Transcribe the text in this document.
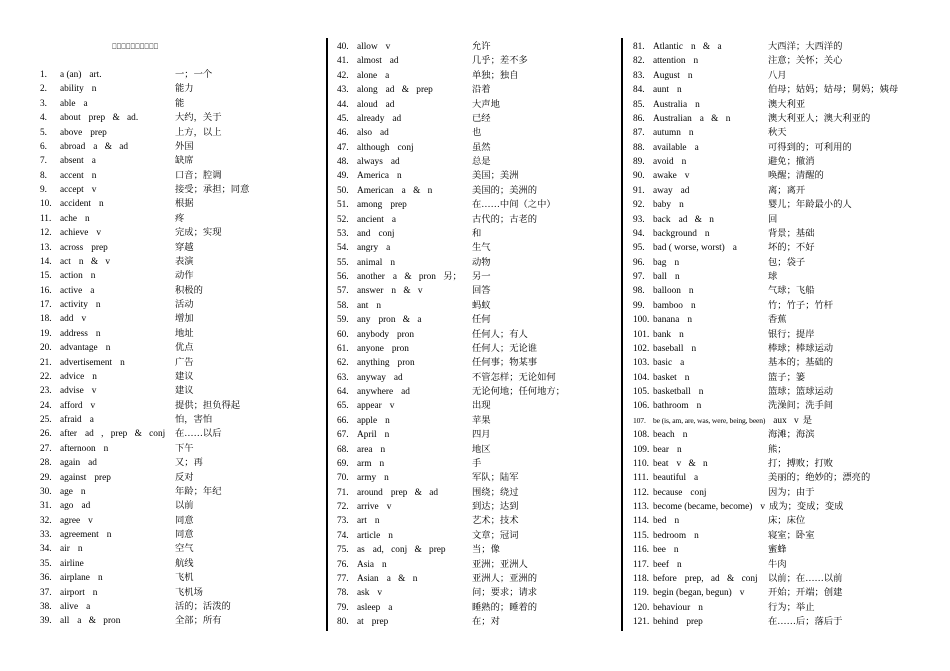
□□□□□□□□□□
1. a (an) art.	一；一个
2. ability n	能力
3. able a	能
4. about prep & ad.	大约，关于
5. above prep	上方，以上
6. abroad a & ad	外国
7. absent a	缺席
8. accent n	口音；腔调
9. accept v	接受；承担；同意
10. accident n	根据
11. ache n	疼
12. achieve v	完成；实现
13. across prep	穿越
14. act n & v	表演
15. action n	动作
16. active a	积极的
17. activity n	活动
18. add v	增加
19. address n	地址
20. advantage n	优点
21. advertisement n	广告
22. advice n	建议
23. advise v	建议
24. afford v	提供；担负得起
25. afraid a	怕，害怕
26. after ad , prep & conj	在……以后
27. afternoon n	下午
28. again ad	又；再
29. against prep	反对
30. age n	年龄；年纪
31. ago ad	以前
32. agree v	同意
33. agreement n	同意
34. air n	空气
35. airline	航线
36. airplane n	飞机
37. airport n	飞机场
38. alive a	活的；活泼的
39. all a & pron	全部；所有
40. allow v	允许
41. almost ad	几乎；差不多
42. alone a	单独；独自
43. along ad & prep	沿着
44. aloud ad	大声地
45. already ad	已经
46. also ad	也
47. although conj	虽然
48. always ad	总是
49. America n	美国；美洲
50. American a & n	美国的；美洲的
51. among prep	在……中间（之中）
52. ancient a	古代的；古老的
53. and conj	和
54. angry a	生气
55. animal n	动物
56. another a & pron 另；	另一
57. answer n & v	回答
58. ant n	蚂蚁
59. any pron & a	任何
60. anybody pron	任何人；有人
61. anyone pron	任何人；无论谁
62. anything pron	任何事；物某事
63. anyway ad	不管怎样；无论如何
64. anywhere ad	无论何地；任何地方；
65. appear v	出现
66. apple n	苹果
67. April n	四月
68. area n	地区
69. arm n	手
70. army n	军队；陆军
71. around prep & ad	围绕；绕过
72. arrive v	到达；达到
73. art n	艺术；技术
74. article n	文章；冠词
75. as ad, conj & prep	当；像
76. Asia n	亚洲；亚洲人
77. Asian a & n	亚洲人；亚洲的
78. ask v	问；要求；请求
79. asleep a	睡熟的；睡着的
80. at prep	在；对
81. Atlantic n & a	大西洋；大西洋的
82. attention n	注意；关怀；关心
83. August n	八月
84. aunt n	伯母；姑妈；姑母；舅妈；姨母
85. Australia n	澳大利亚
86. Australian a & n	澳大利亚人；澳大利亚的
87. autumn n	秋天
88. available a	可得到的；可利用的
89. avoid n	避免；撤消
90. awake v	唤醒；清醒的
91. away ad	离；离开
92. baby n	婴儿；年龄最小的人
93. back ad & n	回
94. background n	背景；基础
95. bad ( worse, worst) a	坏的；不好
96. bag n	包；袋子
97. ball n	球
98. balloon n	气球；飞船
99. bamboo n	竹；竹子；竹杆
100. banana n	香蕉
101. bank n	银行；提岸
102. baseball n	棒球；棒球运动
103. basic a	基本的；基础的
104. basket n	篮子；篓
105. basketball n	篮球；篮球运动
106. bathroom n	洗澡间；洗手间
107. be (is, am, are, was, were, being, been) aux v 是
108. beach n	海滩；海滨
109. bear n	熊；
110. beat v & n	打；搏败；打败
111. beautiful a	美丽的；绝妙的；漂亮的
112. because conj	因为；由于
113. become (became, become) v 成为；变成；变成
114. bed n	床；床位
115. bedroom n	寝室；卧室
116. bee n	蜜蜂
117. beef n	牛肉
118. before prep, ad & conj	以前；在……以前
119. begin (began, begun) v	开始；开端；创建
120. behaviour n	行为；举止
121. behind prep	在……后；落后于
